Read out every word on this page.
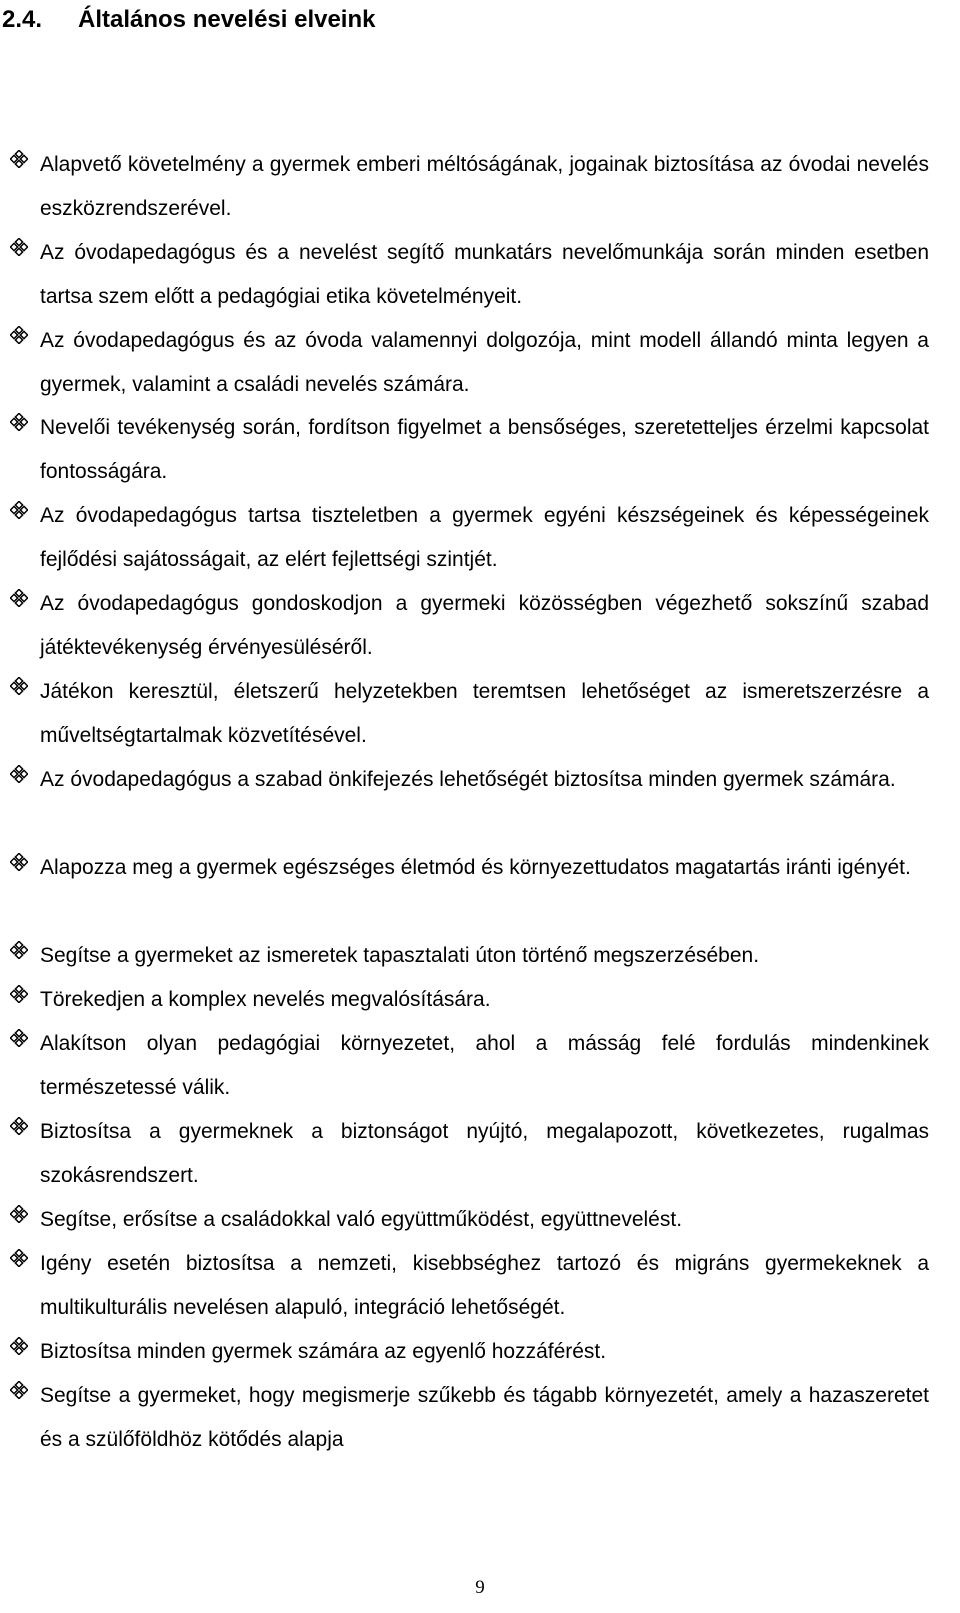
2.4. Általános nevelési elveink
Alapvető követelmény a gyermek emberi méltóságának, jogainak biztosítása az óvodai nevelés eszközrendszerével.
Az óvodapedagógus és a nevelést segítő munkatárs nevelőmunkája során minden esetben tartsa szem előtt a pedagógiai etika követelményeit.
Az óvodapedagógus és az óvoda valamennyi dolgozója, mint modell állandó minta legyen a gyermek, valamint a családi nevelés számára.
Nevelői tevékenység során, fordítson figyelmet a bensőséges, szeretetteljes érzelmi kapcsolat fontosságára.
Az óvodapedagógus tartsa tiszteletben a gyermek egyéni készségeinek és képességeinek fejlődési sajátosságait, az elért fejlettségi szintjét.
Az óvodapedagógus gondoskodjon a gyermeki közösségben végezhető sokszínű szabad játéktevékenység érvényesüléséről.
Játékon keresztül, életszerű helyzetekben teremtsen lehetőséget az ismeretszerzésre a műveltségtartalmak közvetítésével.
Az óvodapedagógus a szabad önkifejezés lehetőségét biztosítsa minden gyermek számára.
Alapozza meg a gyermek egészséges életmód és környezettudatos magatartás iránti igényét.
Segítse a gyermeket az ismeretek tapasztalati úton történő megszerzésében.
Törekedjen a komplex nevelés megvalósítására.
Alakítson olyan pedagógiai környezetet, ahol a másság felé fordulás mindenkinek természetessé válik.
Biztosítsa a gyermeknek a biztonságot nyújtó, megalapozott, következetes, rugalmas szokásrendszert.
Segítse, erősítse a családokkal való együttműködést, együttnevelést.
Igény esetén biztosítsa a nemzeti, kisebbséghez tartozó és migráns gyermekeknek a multikulturális nevelésen alapuló, integráció lehetőségét.
Biztosítsa minden gyermek számára az egyenlő hozzáférést.
Segítse a gyermeket, hogy megismerje szűkebb és tágabb környezetét, amely a hazaszeretet és a szülőföldhöz kötődés alapja
9
